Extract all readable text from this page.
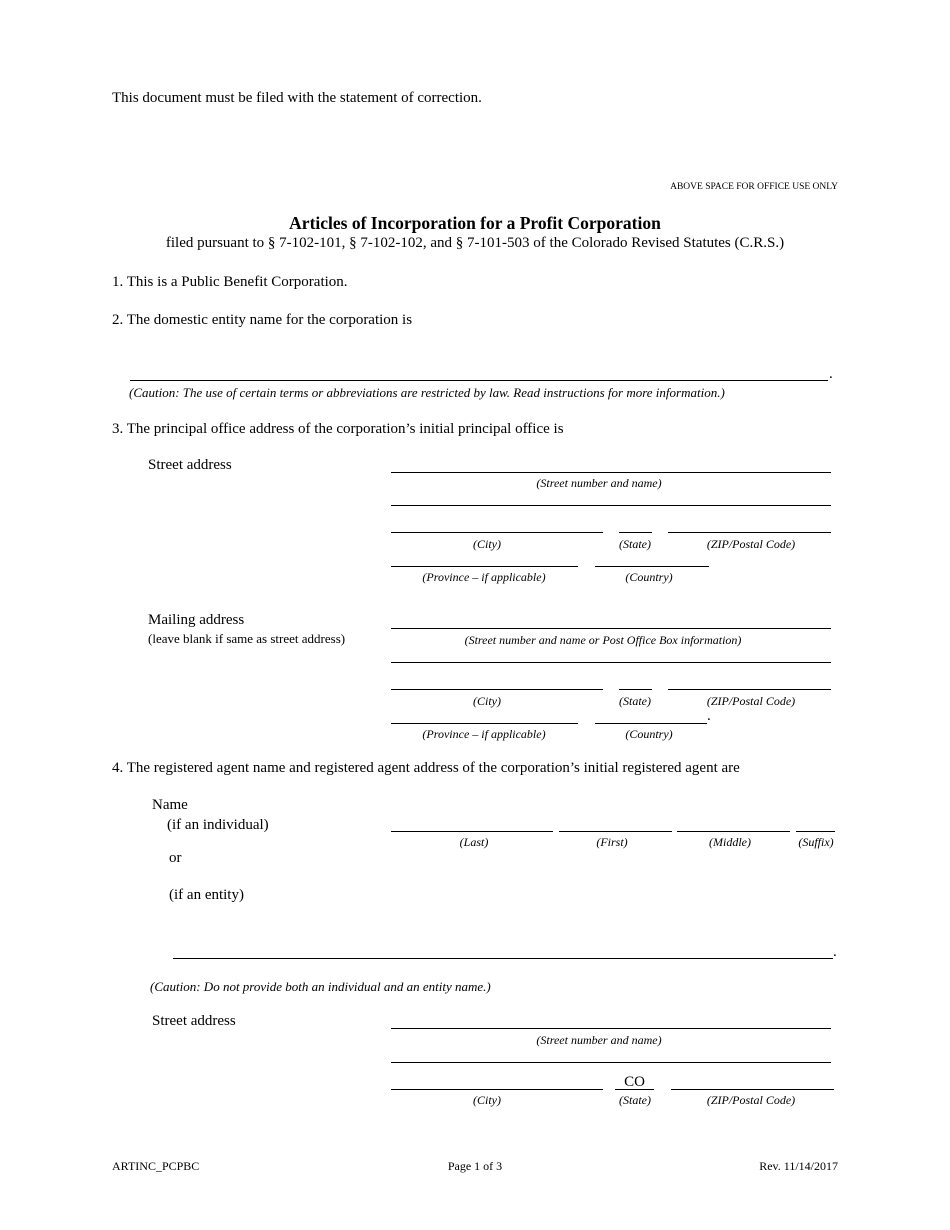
This document must be filed with the statement of correction.
ABOVE SPACE FOR OFFICE USE ONLY
Articles of Incorporation for a Profit Corporation
filed pursuant to § 7-102-101, § 7-102-102, and § 7-101-503 of the Colorado Revised Statutes (C.R.S.)
1. This is a Public Benefit Corporation.
2. The domestic entity name for the corporation is
.
(Caution: The use of certain terms or abbreviations are restricted by law. Read instructions for more information.)
3. The principal office address of the corporation’s initial principal office is
Street address
(Street number and name)
(City)	(State)	(ZIP/Postal Code)
(Province – if applicable)	(Country)
Mailing address
(leave blank if same as street address)	(Street number and name or Post Office Box information)
(City)	(State)	(ZIP/Postal Code)
.
(Province – if applicable)	(Country)
4. The registered agent name and registered agent address of the corporation’s initial registered agent are
Name
(if an individual)
(Last)	(First)	(Middle)	(Suffix)
or
(if an entity)
.
(Caution: Do not provide both an individual and an entity name.)
Street address
(Street number and name)
CO
(City)	(State)	(ZIP/Postal Code)
ARTINC_PCPBC	Page 1 of 3	Rev. 11/14/2017
